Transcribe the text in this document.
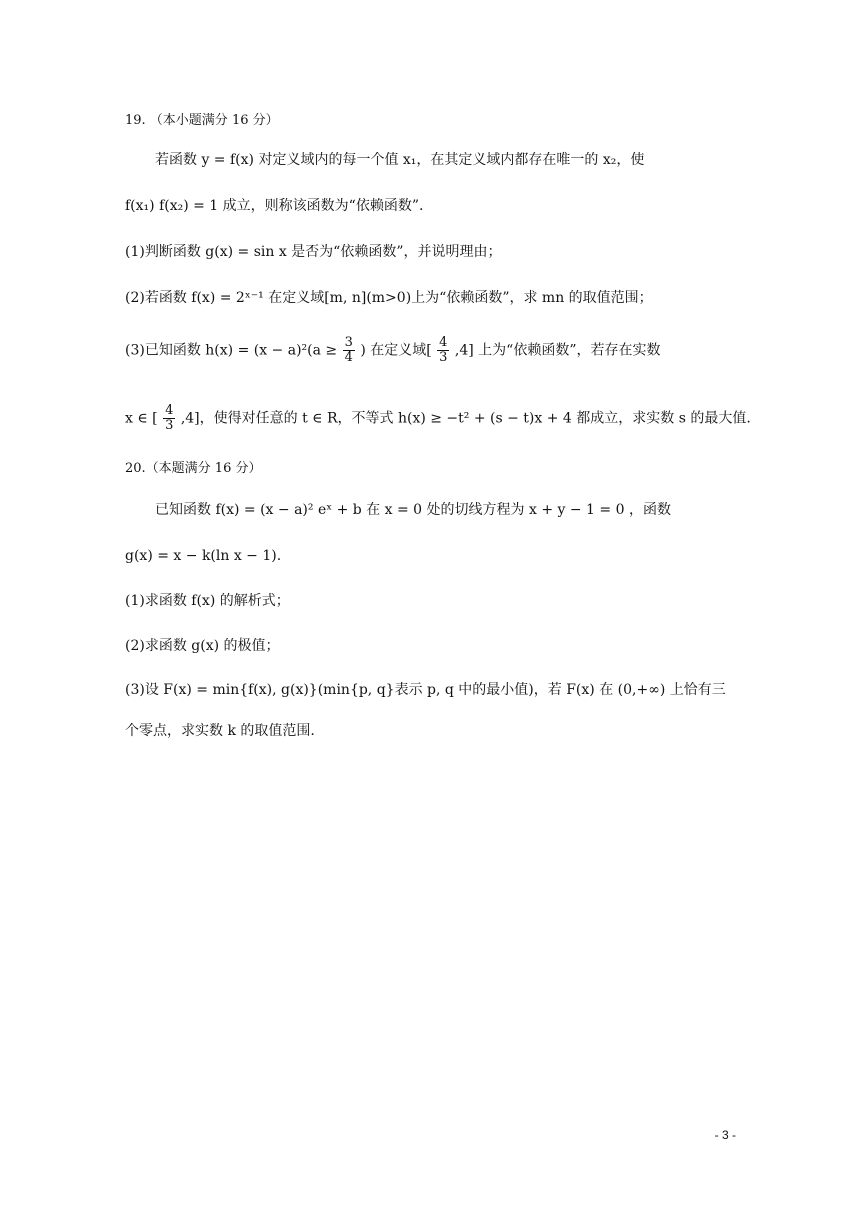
19. （本小题满分 16 分）
若函数 y = f(x) 对定义域内的每一个值 x₁，在其定义域内都存在唯一的 x₂，使
f(x₁) f(x₂) = 1 成立，则称该函数为“依赖函数”.
(1)判断函数 g(x) = sin x 是否为“依赖函数”，并说明理由；
(2)若函数 f(x) = 2ˣ⁻¹ 在定义域[m, n](m>0)上为“依赖函数”，求 mn 的取值范围；
(3)已知函数 $h(x) = (x - a)^2(a \ge \frac{3}{4}$ ) 在定义域[ $\frac{4}{3} ,4$] 上为“依赖函数”，若存在实数
x ∈ [ $\frac{4}{3} ,4$]，使得对任意的 t ∈ R，不等式 h(x) ≥ −t² + (s − t)x + 4 都成立，求实数 s 的最大值.
20.（本题满分 16 分）
已知函数 f(x) = (x − a)² eˣ + b 在 x = 0 处的切线方程为 x + y − 1 = 0 ，函数
g(x) = x − k(ln x − 1).
(1)求函数 f(x) 的解析式；
(2)求函数 g(x) 的极值；
(3)设 F(x) = min{f(x), g(x)}(min{p, q}表示 p, q 中的最小值)，若 F(x) 在 (0,+∞) 上恰有三
个零点，求实数 k 的取值范围.
- 3 -
